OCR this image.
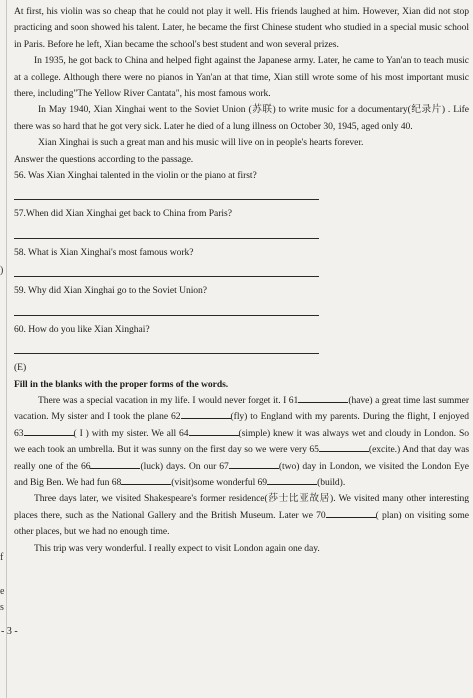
)
f
e
s

At first, his violin was so cheap that he could not play it well. His friends laughed at him. However, Xian did not stop practicing and soon showed his talent. Later, he became the first Chinese student who studied in a special music school in Paris. Before he left, Xian became the school's best student and won several prizes.

In 1935, he got back to China and helped fight against the Japanese army. Later, he came to Yan'an to teach music at a college. Although there were no pianos in Yan'an at that time, Xian still wrote some of his most important music there, including"The Yellow River Cantata", his most famous work.

In May 1940, Xian Xinghai went to the Soviet Union (苏联) to write music for a documentary(纪录片) . Life there was so hard that he got very sick. Later he died of a lung illness on October 30, 1945, aged only 40.

Xian Xinghai is such a great man and his music will live on in people's hearts forever.

Answer the questions according to the passage.

56. Was Xian Xinghai talented in the violin or the piano at first?

57.When did Xian Xinghai get back to China from Paris?

58. What is Xian Xinghai's most famous work?

59. Why did Xian Xinghai go to the Soviet Union?

60. How do you like Xian Xinghai?

(E)

Fill in the blanks with the proper forms of the words.

There was a special vacation in my life. I would never forget it. I 61	(have) a great time last summer vacation. My sister and I took the plane 62	(fly) to England with my parents. During the flight, I enjoyed 63	( I ) with my sister. We all 64	(simple) knew it was always wet and cloudy in London. So we each took an umbrella. But it was sunny on the first day so we were very 65	(excite.) And that day was really one of the 66	(luck) days. On our 67	(two) day in London, we visited the London Eye and Big Ben. We had fun 68	(visit)some wonderful 69	(build).

Three days later, we visited Shakespeare's former residence(莎士比亚故居). We visited many other interesting places there, such as the National Gallery and the British Museum. Later we 70	( plan) on visiting some other places, but we had no enough time.

This trip was very wonderful. I really expect to visit London again one day.

- 3 -
